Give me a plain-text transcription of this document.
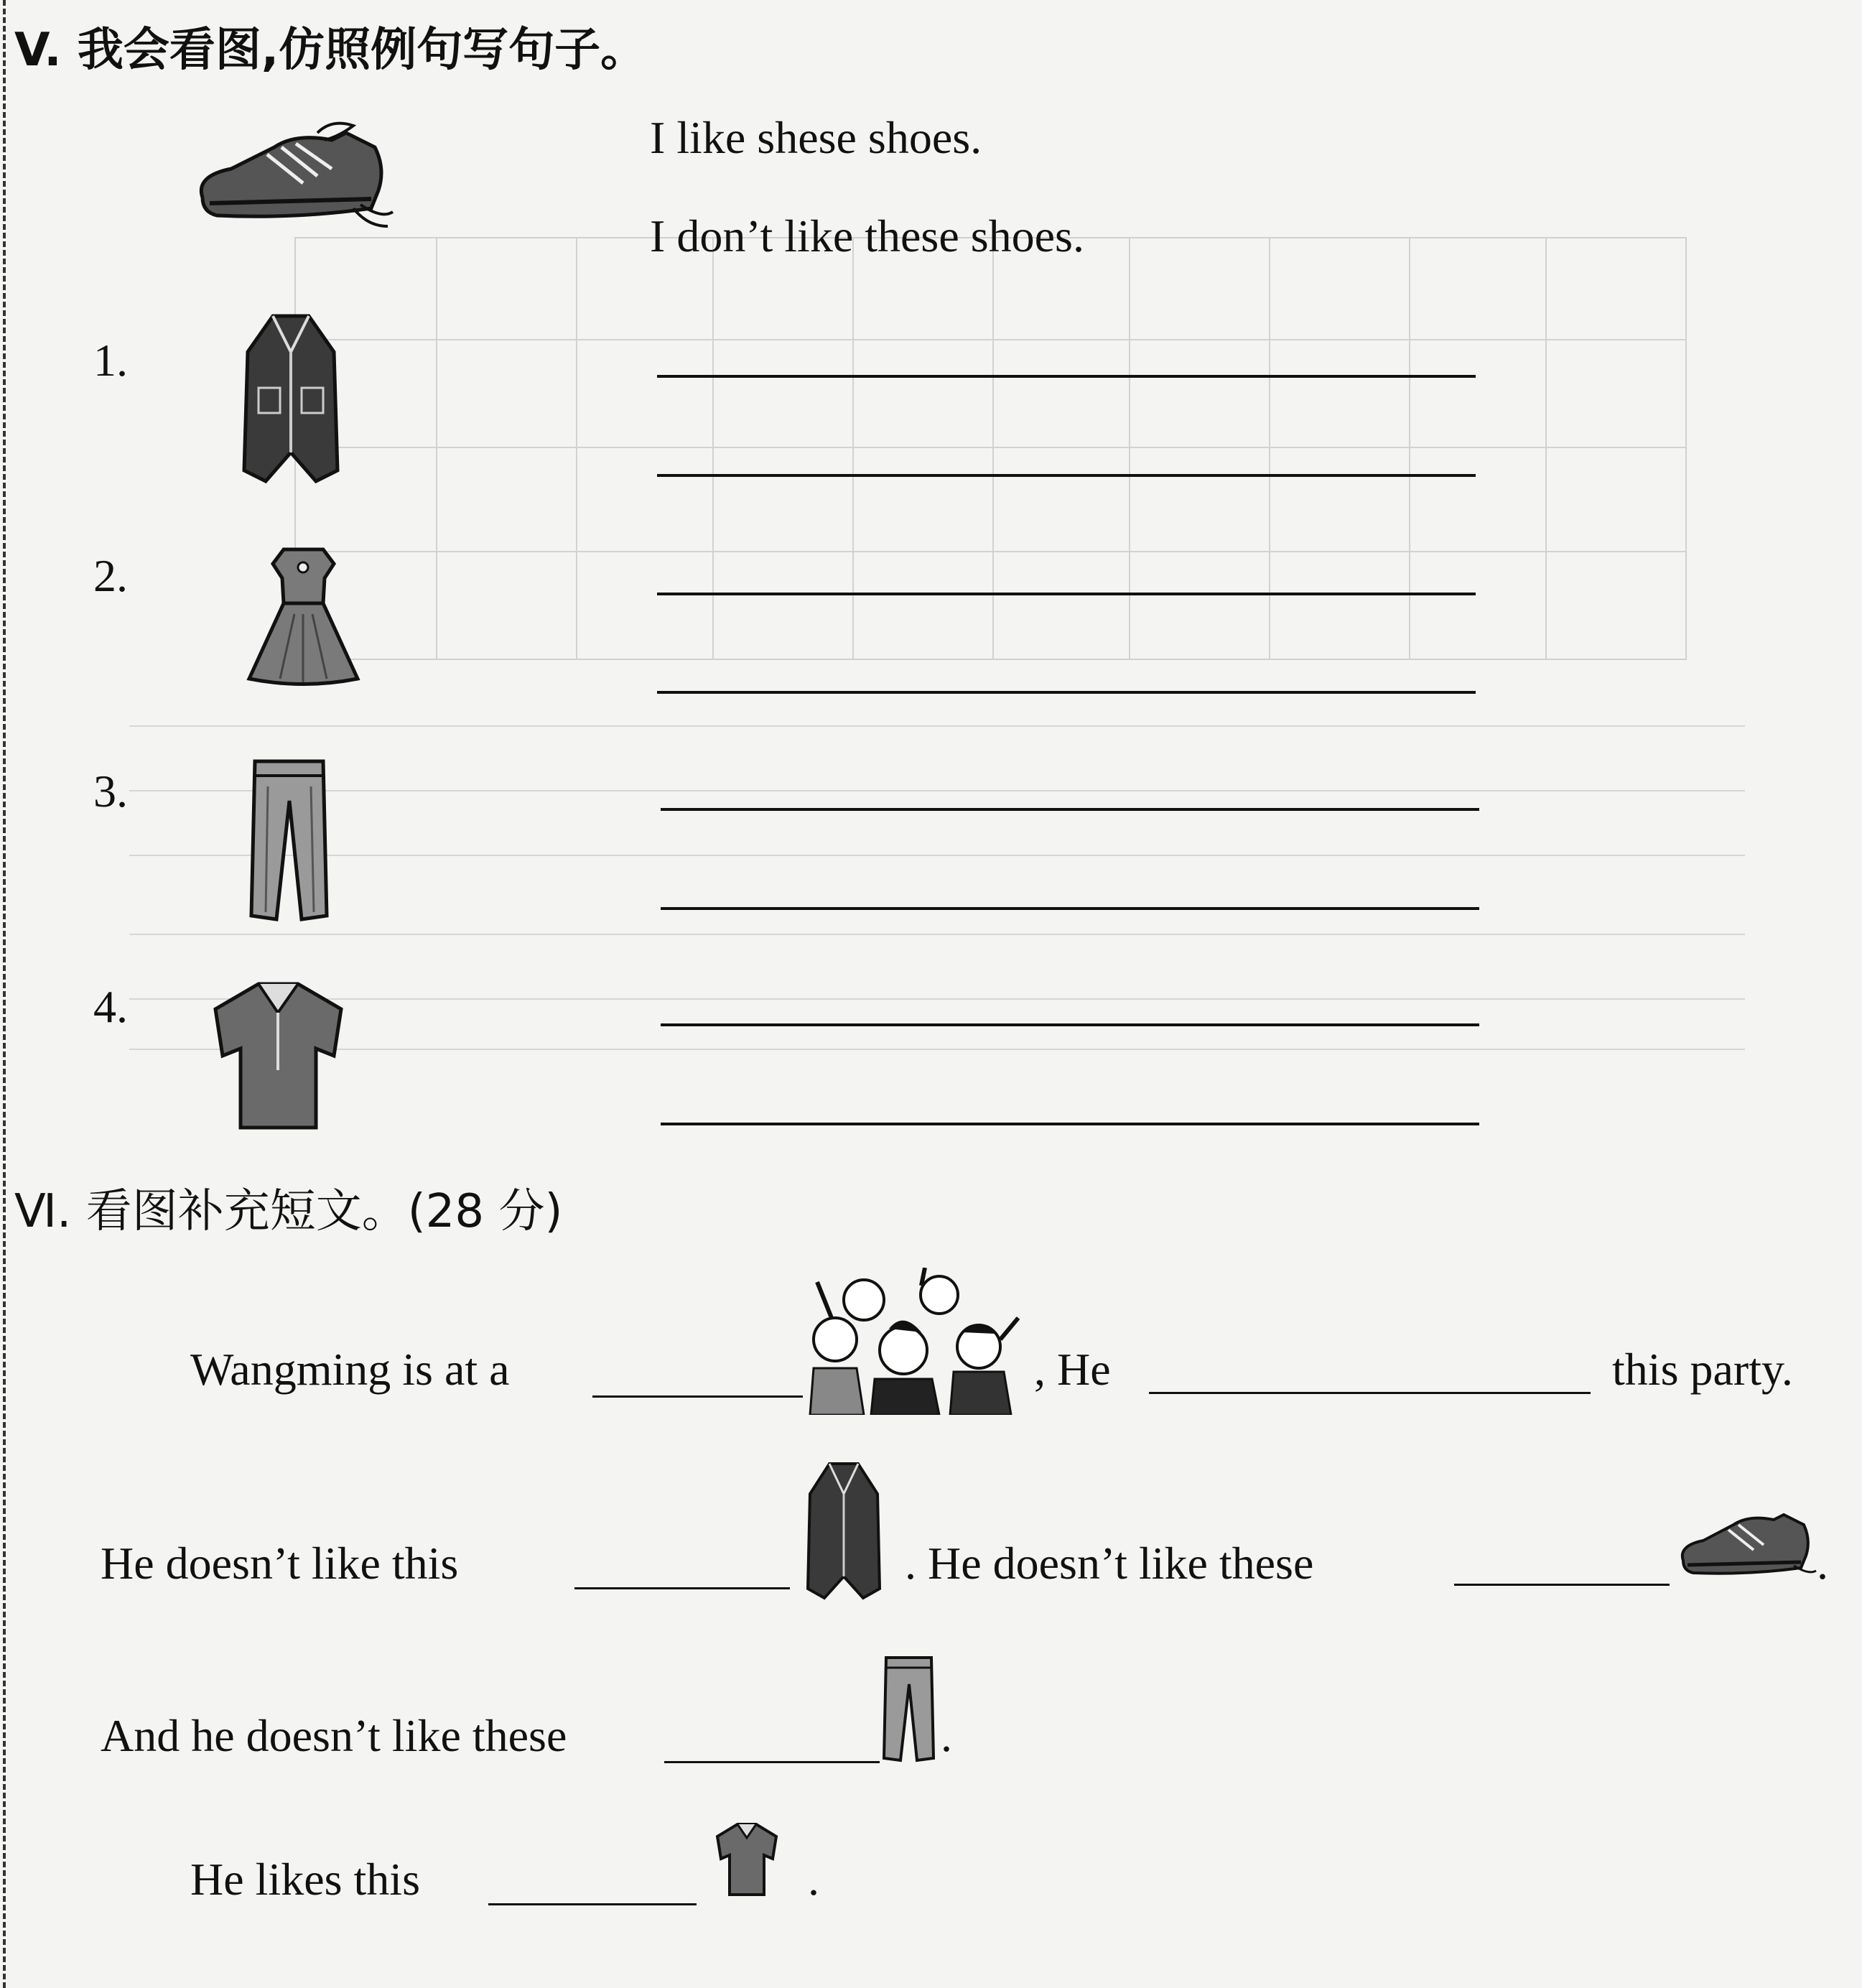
V. 我会看图,仿照例句写句子。
I like shese shoes.
I don’t like these shoes.
1.
2.
3.
4.
Ⅵ. 看图补充短文。(28 分)
Wangming is at a	, He	this party.
He doesn’t like this	. He doesn’t like these	.
And he doesn’t like these	.
He likes this	.
